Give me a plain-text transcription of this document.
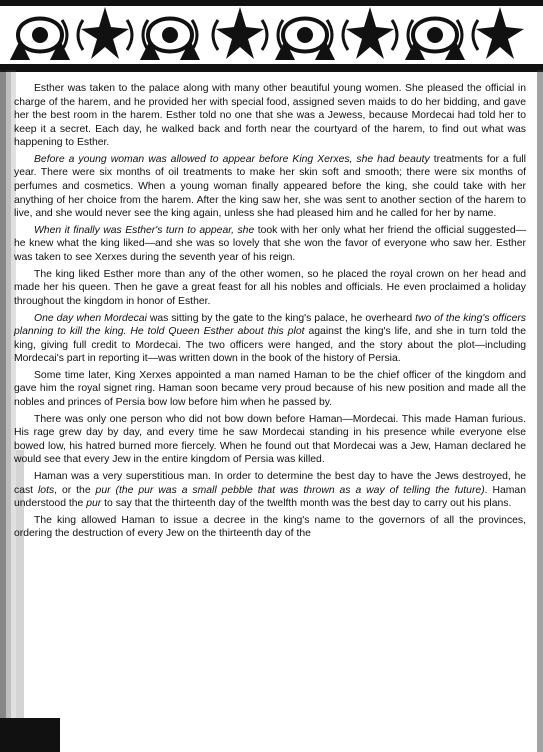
Esther was taken to the palace along with many other beautiful young women. She pleased the official in charge of the harem, and he provided her with special food, assigned seven maids to do her bidding, and gave her the best room in the harem. Esther told no one that she was a Jewess, because Mordecai had told her to keep it a secret. Each day, he walked back and forth near the courtyard of the harem, to find out what was happening to Esther.

Before a young woman was allowed to appear before King Xerxes, she had beauty treatments for a full year. There were six months of oil treatments to make her skin soft and smooth; there were six months of perfumes and cosmetics. When a young woman finally appeared before the king, she could take with her anything of her choice from the harem. After the king saw her, she was sent to another section of the harem to live, and she would never see the king again, unless she had pleased him and he called for her by name.

When it finally was Esther's turn to appear, she took with her only what her friend the official suggested—he knew what the king liked—and she was so lovely that she won the favor of everyone who saw her. Esther was taken to see Xerxes during the seventh year of his reign.

The king liked Esther more than any of the other women, so he placed the royal crown on her head and made her his queen. Then he gave a great feast for all his nobles and officials. He even proclaimed a holiday throughout the kingdom in honor of Esther.

One day when Mordecai was sitting by the gate to the king's palace, he overheard two of the king's officers planning to kill the king. He told Queen Esther about this plot against the king's life, and she in turn told the king, giving full credit to Mordecai. The two officers were hanged, and the story about the plot—including Mordecai's part in reporting it—was written down in the book of the history of Persia.

Some time later, King Xerxes appointed a man named Haman to be the chief officer of the kingdom and gave him the royal signet ring. Haman soon became very proud because of his new position and made all the nobles and princes of Persia bow low before him when he passed by.

There was only one person who did not bow down before Haman—Mordecai. This made Haman furious. His rage grew day by day, and every time he saw Mordecai standing in his presence while everyone else bowed low, his hatred burned more fiercely. When he found out that Mordecai was a Jew, Haman declared he would see that every Jew in the entire kingdom of Persia was killed.

Haman was a very superstitious man. In order to determine the best day to have the Jews destroyed, he cast lots, or the pur (the pur was a small pebble that was thrown as a way of telling the future). Haman understood the pur to say that the thirteenth day of the twelfth month was the best day to carry out his plans.

The king allowed Haman to issue a decree in the king's name to the governors of all the provinces, ordering the destruction of every Jew on the thirteenth day of the
